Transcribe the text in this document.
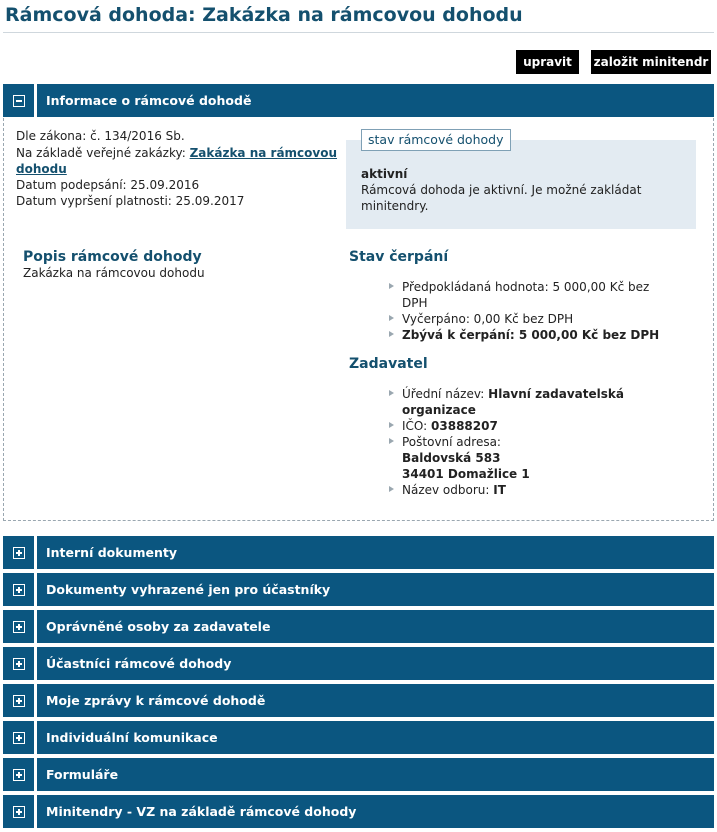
Rámcová dohoda: Zakázka na rámcovou dohodu
upravit	založit minitendr
Informace o rámcové dohodě
Dle zákona: č. 134/2016 Sb.
Na základě veřejné zakázky: Zakázka na rámcovou
dohodu
Datum podepsání: 25.09.2016
Datum vypršení platnosti: 25.09.2017
stav rámcové dohody
aktivní
Rámcová dohoda je aktivní. Je možné zakládat
minitendry.
Popis rámcové dohody
Zakázka na rámcovou dohodu
Stav čerpání
Předpokládaná hodnota: 5 000,00 Kč bez
DPH
Vyčerpáno: 0,00 Kč bez DPH
Zbývá k čerpání: 5 000,00 Kč bez DPH
Zadavatel
Úřední název: Hlavní zadavatelská
organizace
IČO: 03888207
Poštovní adresa:
Baldovská 583
34401 Domažlice 1
Název odboru: IT
Interní dokumenty
Dokumenty vyhrazené jen pro účastníky
Oprávněné osoby za zadavatele
Účastníci rámcové dohody
Moje zprávy k rámcové dohodě
Individuální komunikace
Formuláře
Minitendry - VZ na základě rámcové dohody
